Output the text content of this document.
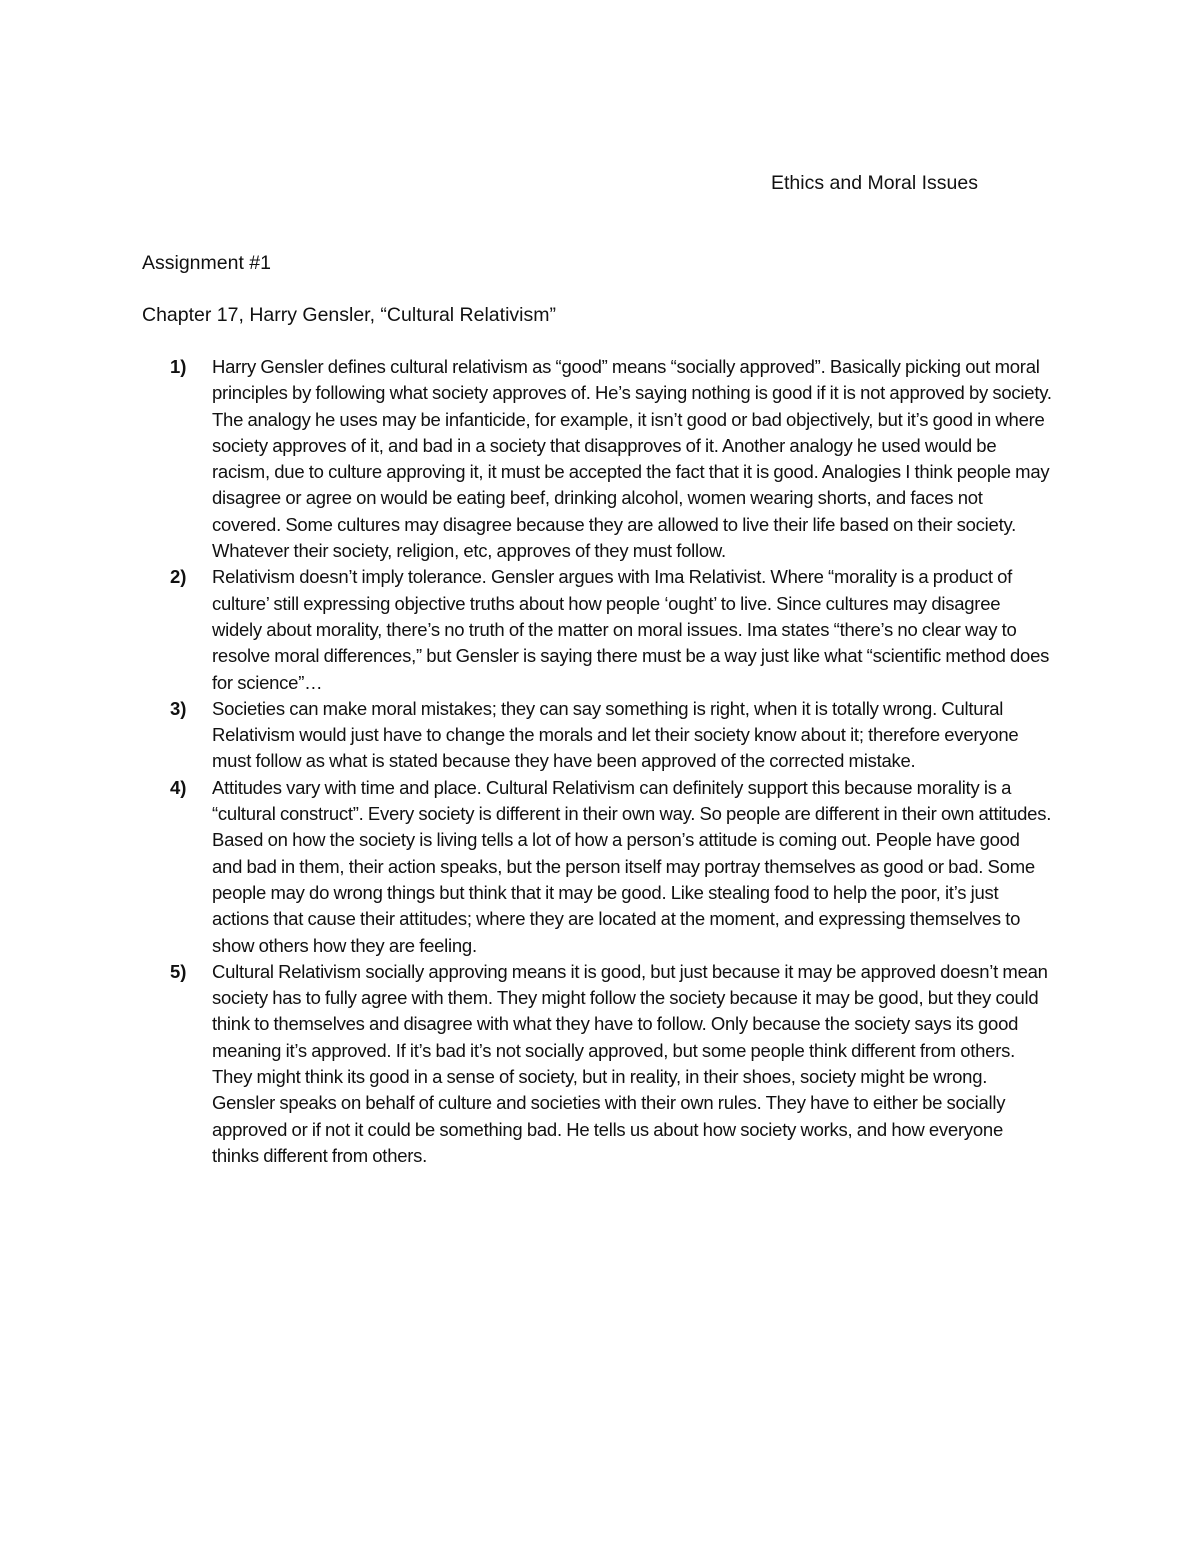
Ethics and Moral Issues
Assignment #1
Chapter 17, Harry Gensler, “Cultural Relativism”
1)	Harry Gensler defines cultural relativism as “good” means “socially approved”. Basically picking out moral principles by following what society approves of. He’s saying nothing is good if it is not approved by society. The analogy he uses may be infanticide, for example, it isn’t good or bad objectively, but it’s good in where society approves of it, and bad in a society that disapproves of it. Another analogy he used would be racism, due to culture approving it, it must be accepted the fact that it is good. Analogies I think people may disagree or agree on would be eating beef, drinking alcohol, women wearing shorts, and faces not covered. Some cultures may disagree because they are allowed to live their life based on their society. Whatever their society, religion, etc, approves of they must follow.
2)	Relativism doesn’t imply tolerance. Gensler argues with Ima Relativist. Where “morality is a product of culture’ still expressing objective truths about how people ‘ought’ to live. Since cultures may disagree widely about morality, there’s no truth of the matter on moral issues. Ima states “there’s no clear way to resolve moral differences,” but Gensler is saying there must be a way just like what “scientific method does for science”…
3)	Societies can make moral mistakes; they can say something is right, when it is totally wrong. Cultural Relativism would just have to change the morals and let their society know about it; therefore everyone must follow as what is stated because they have been approved of the corrected mistake.
4)	Attitudes vary with time and place. Cultural Relativism can definitely support this because morality is a “cultural construct”. Every society is different in their own way. So people are different in their own attitudes. Based on how the society is living tells a lot of how a person’s attitude is coming out. People have good and bad in them, their action speaks, but the person itself may portray themselves as good or bad. Some people may do wrong things but think that it may be good. Like stealing food to help the poor, it’s just actions that cause their attitudes; where they are located at the moment, and expressing themselves to show others how they are feeling.
5)	Cultural Relativism socially approving means it is good, but just because it may be approved doesn’t mean society has to fully agree with them. They might follow the society because it may be good, but they could think to themselves and disagree with what they have to follow. Only because the society says its good meaning it’s approved. If it’s bad it’s not socially approved, but some people think different from others. They might think its good in a sense of society, but in reality, in their shoes, society might be wrong. Gensler speaks on behalf of culture and societies with their own rules. They have to either be socially approved or if not it could be something bad. He tells us about how society works, and how everyone thinks different from others.
